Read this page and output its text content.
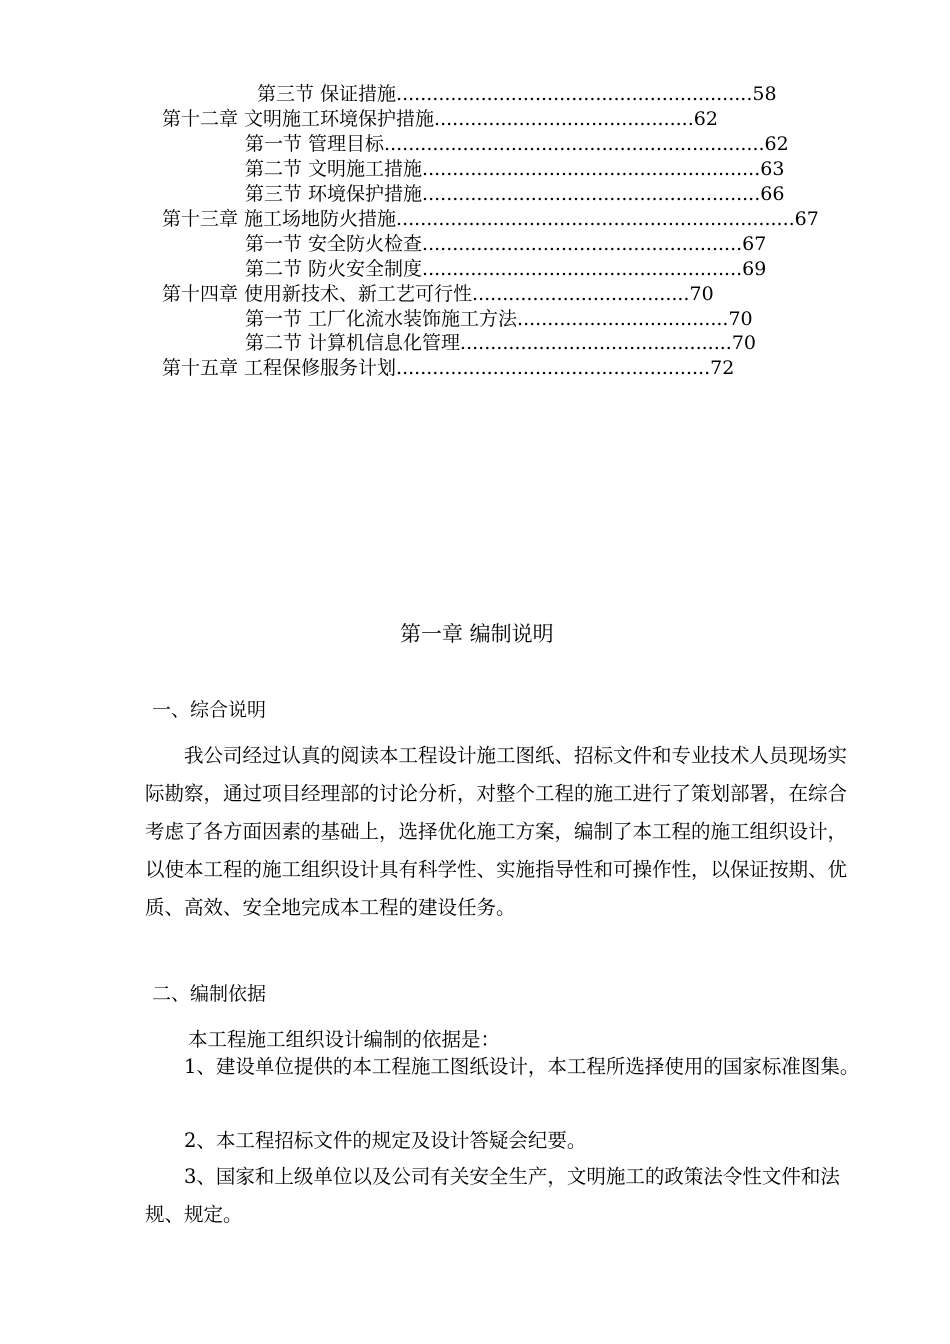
第三节 保证措施...........................................................58
第十二章 文明施工环境保护措施...........................................62
第一节 管理目标...............................................................62
第二节 文明施工措施........................................................63
第三节 环境保护措施........................................................66
第十三章 施工场地防火措施..................................................................67
第一节 安全防火检查.....................................................67
第二节 防火安全制度.....................................................69
第十四章 使用新技术、新工艺可行性....................................70
第一节 工厂化流水装饰施工方法...................................70
第二节 计算机信息化管理.............................................70
第十五章 工程保修服务计划....................................................72
第一章 编制说明
一、综合说明
我公司经过认真的阅读本工程设计施工图纸、招标文件和专业技术人员现场实际勘察，通过项目经理部的讨论分析，对整个工程的施工进行了策划部署，在综合考虑了各方面因素的基础上，选择优化施工方案，编制了本工程的施工组织设计，以使本工程的施工组织设计具有科学性、实施指导性和可操作性，以保证按期、优质、高效、安全地完成本工程的建设任务。
二、编制依据
本工程施工组织设计编制的依据是：
1、建设单位提供的本工程施工图纸设计，本工程所选择使用的国家标准图集。
2、本工程招标文件的规定及设计答疑会纪要。
3、国家和上级单位以及公司有关安全生产，文明施工的政策法令性文件和法规、规定。
